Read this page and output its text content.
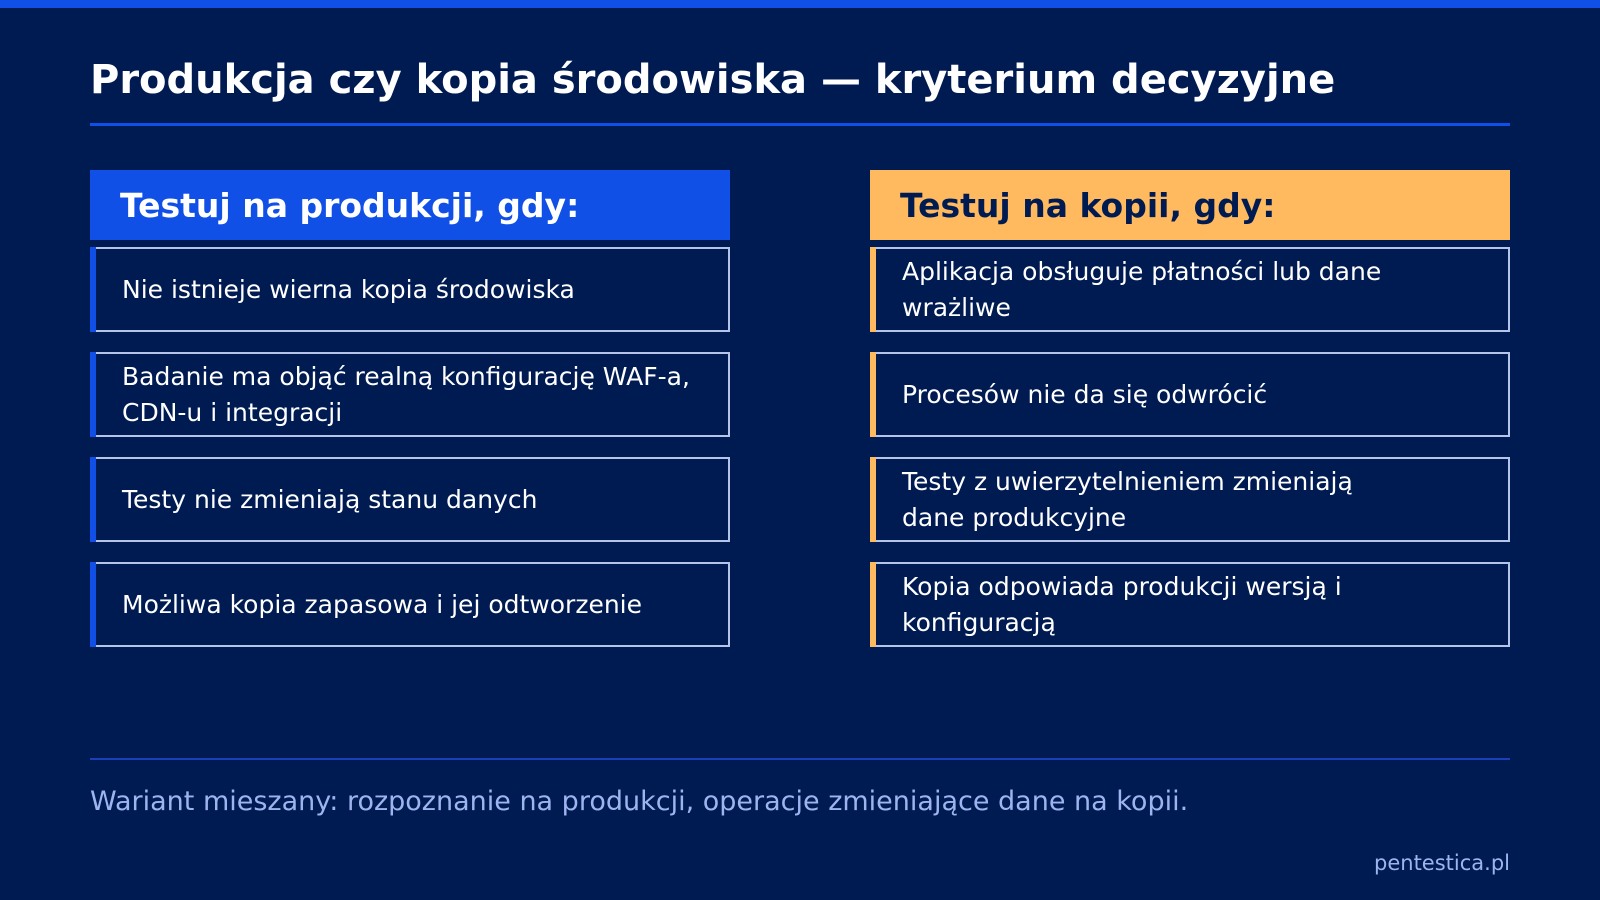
Produkcja czy kopia środowiska — kryterium decyzyjne
Testuj na produkcji, gdy:
Nie istnieje wierna kopia środowiska
Badanie ma objąć realną konfigurację WAF-a, CDN-u i integracji
Testy nie zmieniają stanu danych
Możliwa kopia zapasowa i jej odtworzenie
Testuj na kopii, gdy:
Aplikacja obsługuje płatności lub dane wrażliwe
Procesów nie da się odwrócić
Testy z uwierzytelnieniem zmieniają dane produkcyjne
Kopia odpowiada produkcji wersją i konfiguracją
Wariant mieszany: rozpoznanie na produkcji, operacje zmieniające dane na kopii.
pentestica.pl
